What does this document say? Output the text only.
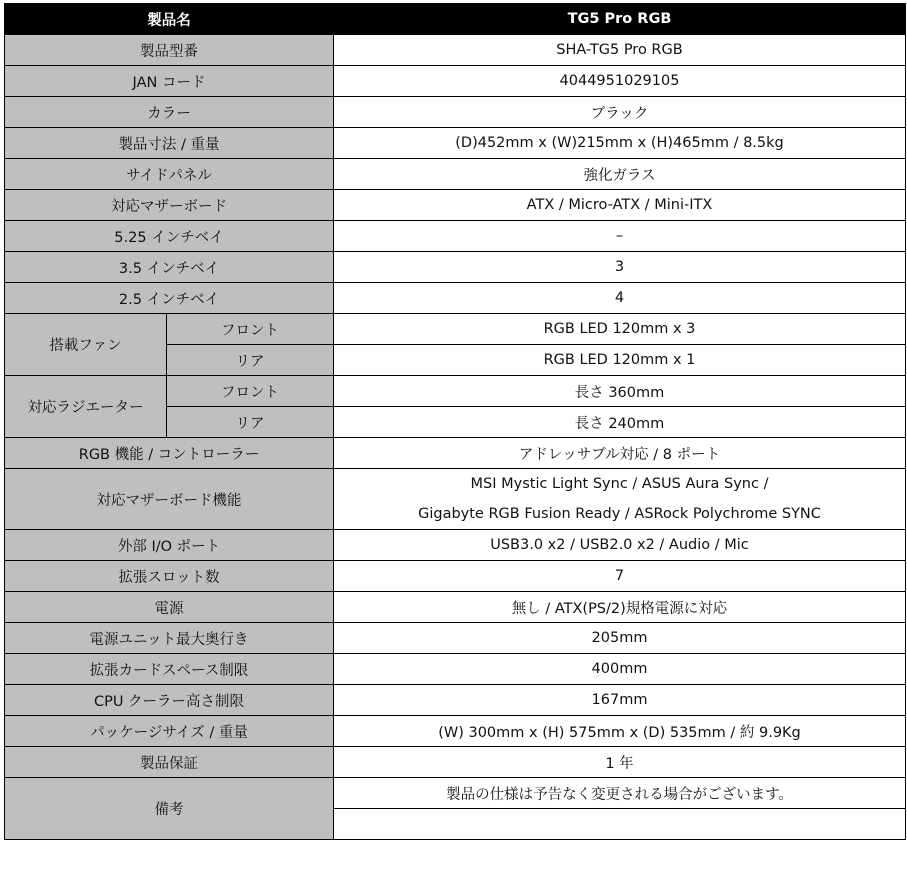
製品名		TG5 Pro RGB
製品型番		SHA-TG5 Pro RGB
JAN コード		4044951029105
カラー		ブラック
製品寸法 / 重量		(D)452mm x (W)215mm x (H)465mm / 8.5kg
サイドパネル		強化ガラス
対応マザーボード		ATX / Micro-ATX / Mini-ITX
5.25 インチベイ		–
3.5 インチベイ		3
2.5 インチベイ		4
搭載ファン	フロント	RGB LED 120mm x 3
	リア	RGB LED 120mm x 1
対応ラジエーター	フロント	長さ 360mm
	リア	長さ 240mm
RGB 機能 / コントローラー		アドレッサブル対応 / 8 ポート
対応マザーボード機能		MSI Mystic Light Sync / ASUS Aura Sync /
		Gigabyte RGB Fusion Ready / ASRock Polychrome SYNC
外部 I/O ポート		USB3.0 x2 / USB2.0 x2 / Audio / Mic
拡張スロット数		7
電源		無し / ATX(PS/2)規格電源に対応
電源ユニット最大奥行き		205mm
拡張カードスペース制限		400mm
CPU クーラー高さ制限		167mm
パッケージサイズ / 重量		(W) 300mm x (H) 575mm x (D) 535mm / 約 9.9Kg
製品保証		1 年
備考		製品の仕様は予告なく変更される場合がございます。
